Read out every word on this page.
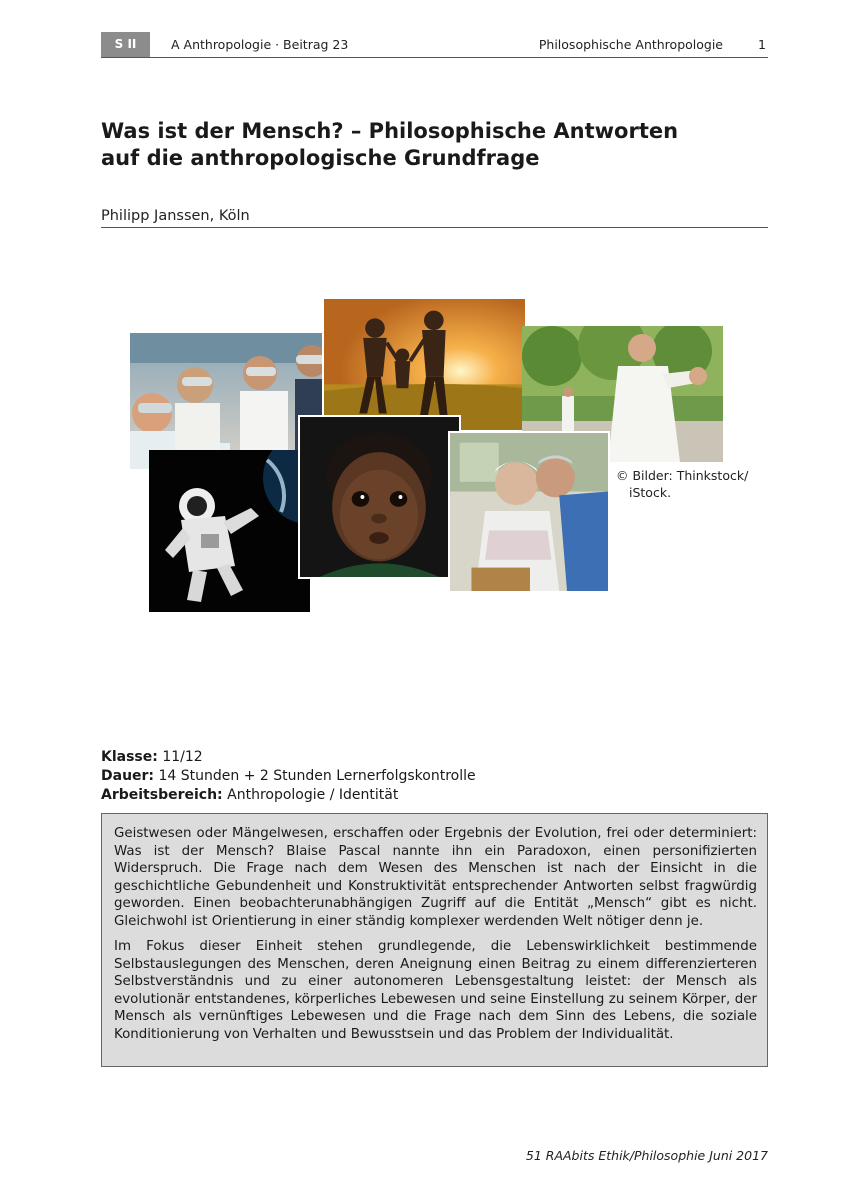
S II	A Anthropologie · Beitrag 23	Philosophische Anthropologie	1
Was ist der Mensch? – Philosophische Antworten
auf die anthropologische Grundfrage
Philipp Janssen, Köln
© Bilder: Thinkstock/
iStock.
Klasse: 11/12
Dauer: 14 Stunden + 2 Stunden Lernerfolgskontrolle
Arbeitsbereich: Anthropologie / Identität

Geistwesen oder Mängelwesen, erschaffen oder Ergebnis der Evolution, frei oder determiniert: Was ist der Mensch? Blaise Pascal nannte ihn ein Paradoxon, einen personifizierten Widerspruch. Die Frage nach dem Wesen des Menschen ist nach der Einsicht in die geschichtliche Gebundenheit und Konstruktivität entsprechender Antworten selbst fragwürdig geworden. Einen beobachterunabhängigen Zugriff auf die Entität „Mensch“ gibt es nicht. Gleichwohl ist Orientierung in einer ständig komplexer werdenden Welt nötiger denn je.

Im Fokus dieser Einheit stehen grundlegende, die Lebenswirklichkeit bestimmende Selbstauslegungen des Menschen, deren Aneignung einen Beitrag zu einem differenzierteren Selbstverständnis und zu einer autonomeren Lebensgestaltung leistet: der Mensch als evolutionär entstandenes, körperliches Lebewesen und seine Einstellung zu seinem Körper, der Mensch als vernünftiges Lebewesen und die Frage nach dem Sinn des Lebens, die soziale Konditionierung von Verhalten und Bewusstsein und das Problem der Individualität.

51 RAAbits Ethik/Philosophie Juni 2017
